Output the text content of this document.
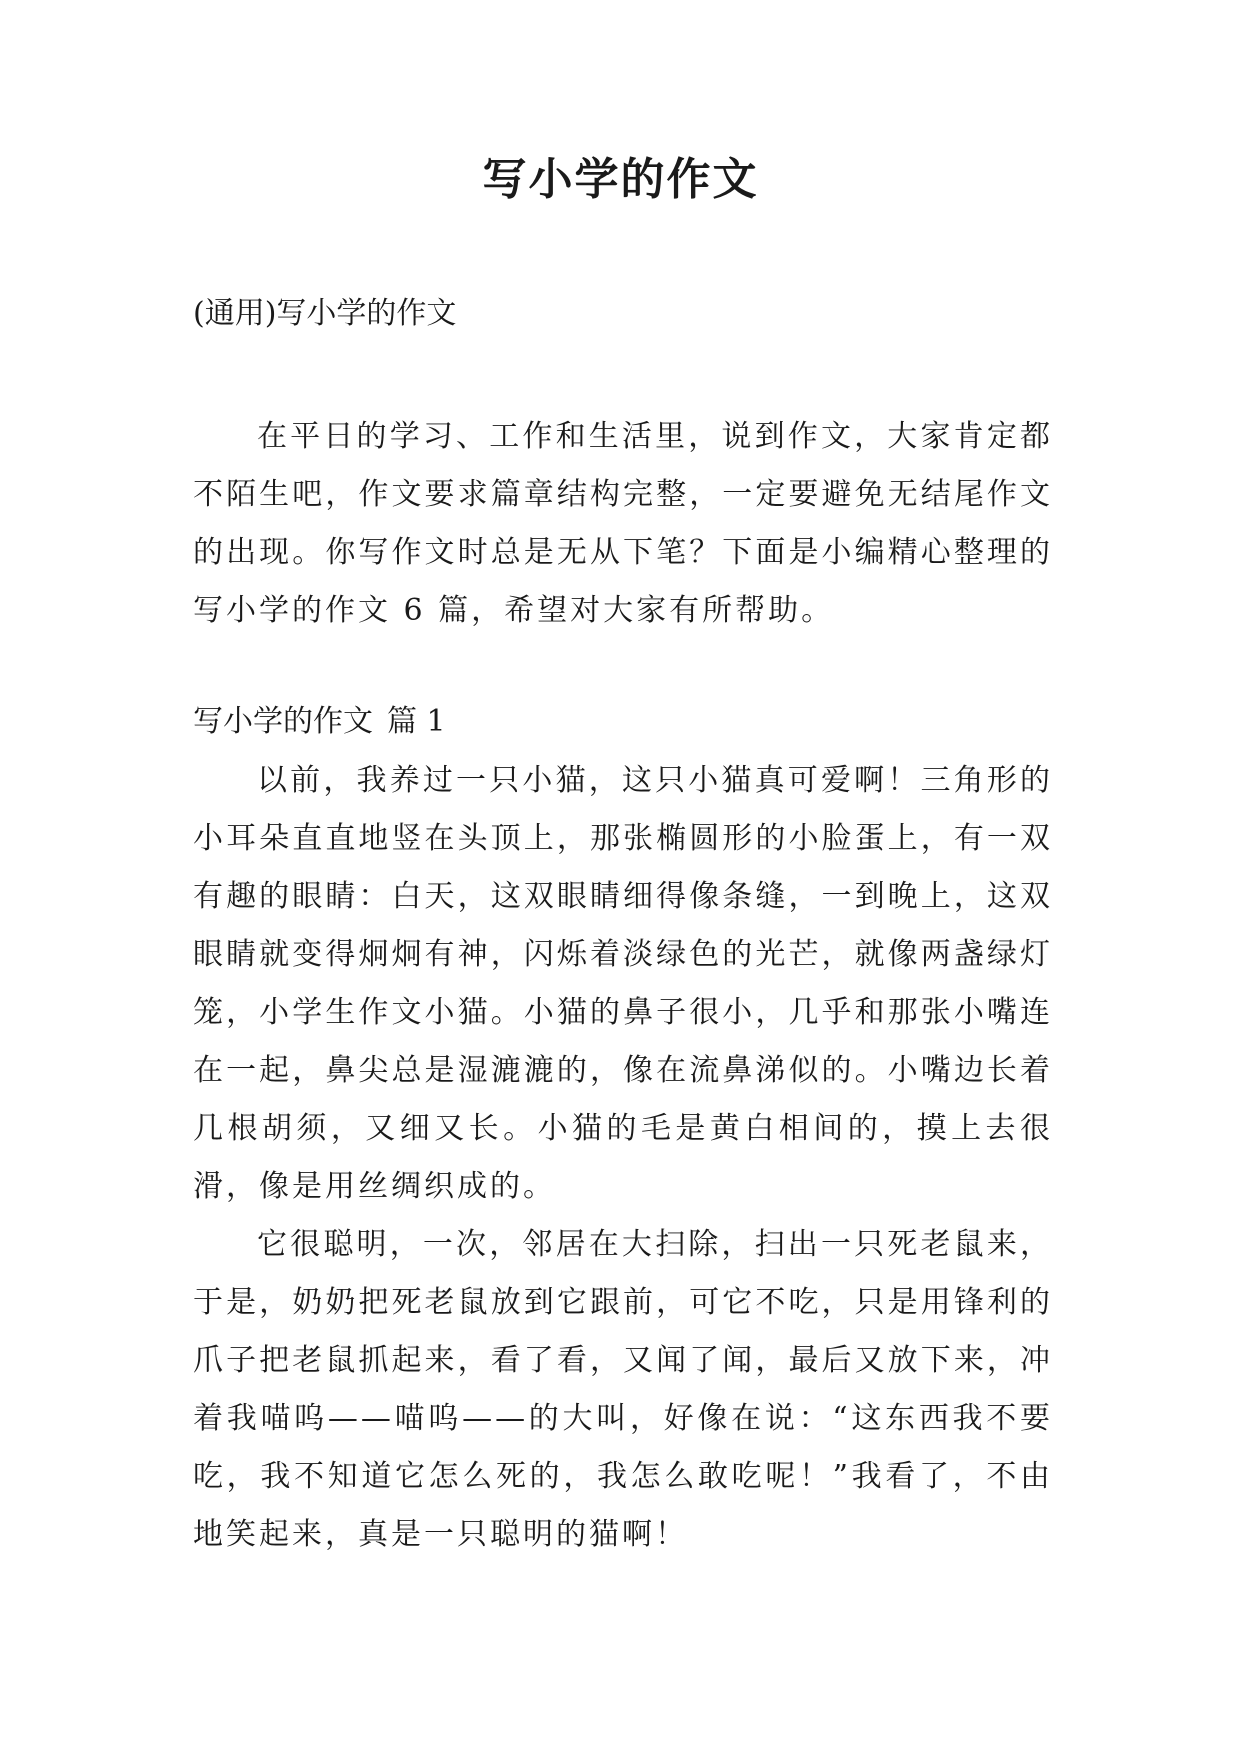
写小学的作文

(通用)写小学的作文

在平日的学习、工作和生活里，说到作文，大家肯定都不陌生吧，作文要求篇章结构完整，一定要避免无结尾作文的出现。你写作文时总是无从下笔？下面是小编精心整理的写小学的作文 6 篇，希望对大家有所帮助。

写小学的作文 篇 1

以前，我养过一只小猫，这只小猫真可爱啊！三角形的小耳朵直直地竖在头顶上，那张椭圆形的小脸蛋上，有一双有趣的眼睛：白天，这双眼睛细得像条缝，一到晚上，这双眼睛就变得炯炯有神，闪烁着淡绿色的光芒，就像两盏绿灯笼，小学生作文小猫。小猫的鼻子很小，几乎和那张小嘴连在一起，鼻尖总是湿漉漉的，像在流鼻涕似的。小嘴边长着几根胡须，又细又长。小猫的毛是黄白相间的，摸上去很滑，像是用丝绸织成的。

它很聪明，一次，邻居在大扫除，扫出一只死老鼠来，于是，奶奶把死老鼠放到它跟前，可它不吃，只是用锋利的爪子把老鼠抓起来，看了看，又闻了闻，最后又放下来，冲着我喵呜——喵呜——的大叫，好像在说：“这东西我不要吃，我不知道它怎么死的，我怎么敢吃呢！”我看了，不由地笑起来，真是一只聪明的猫啊！
